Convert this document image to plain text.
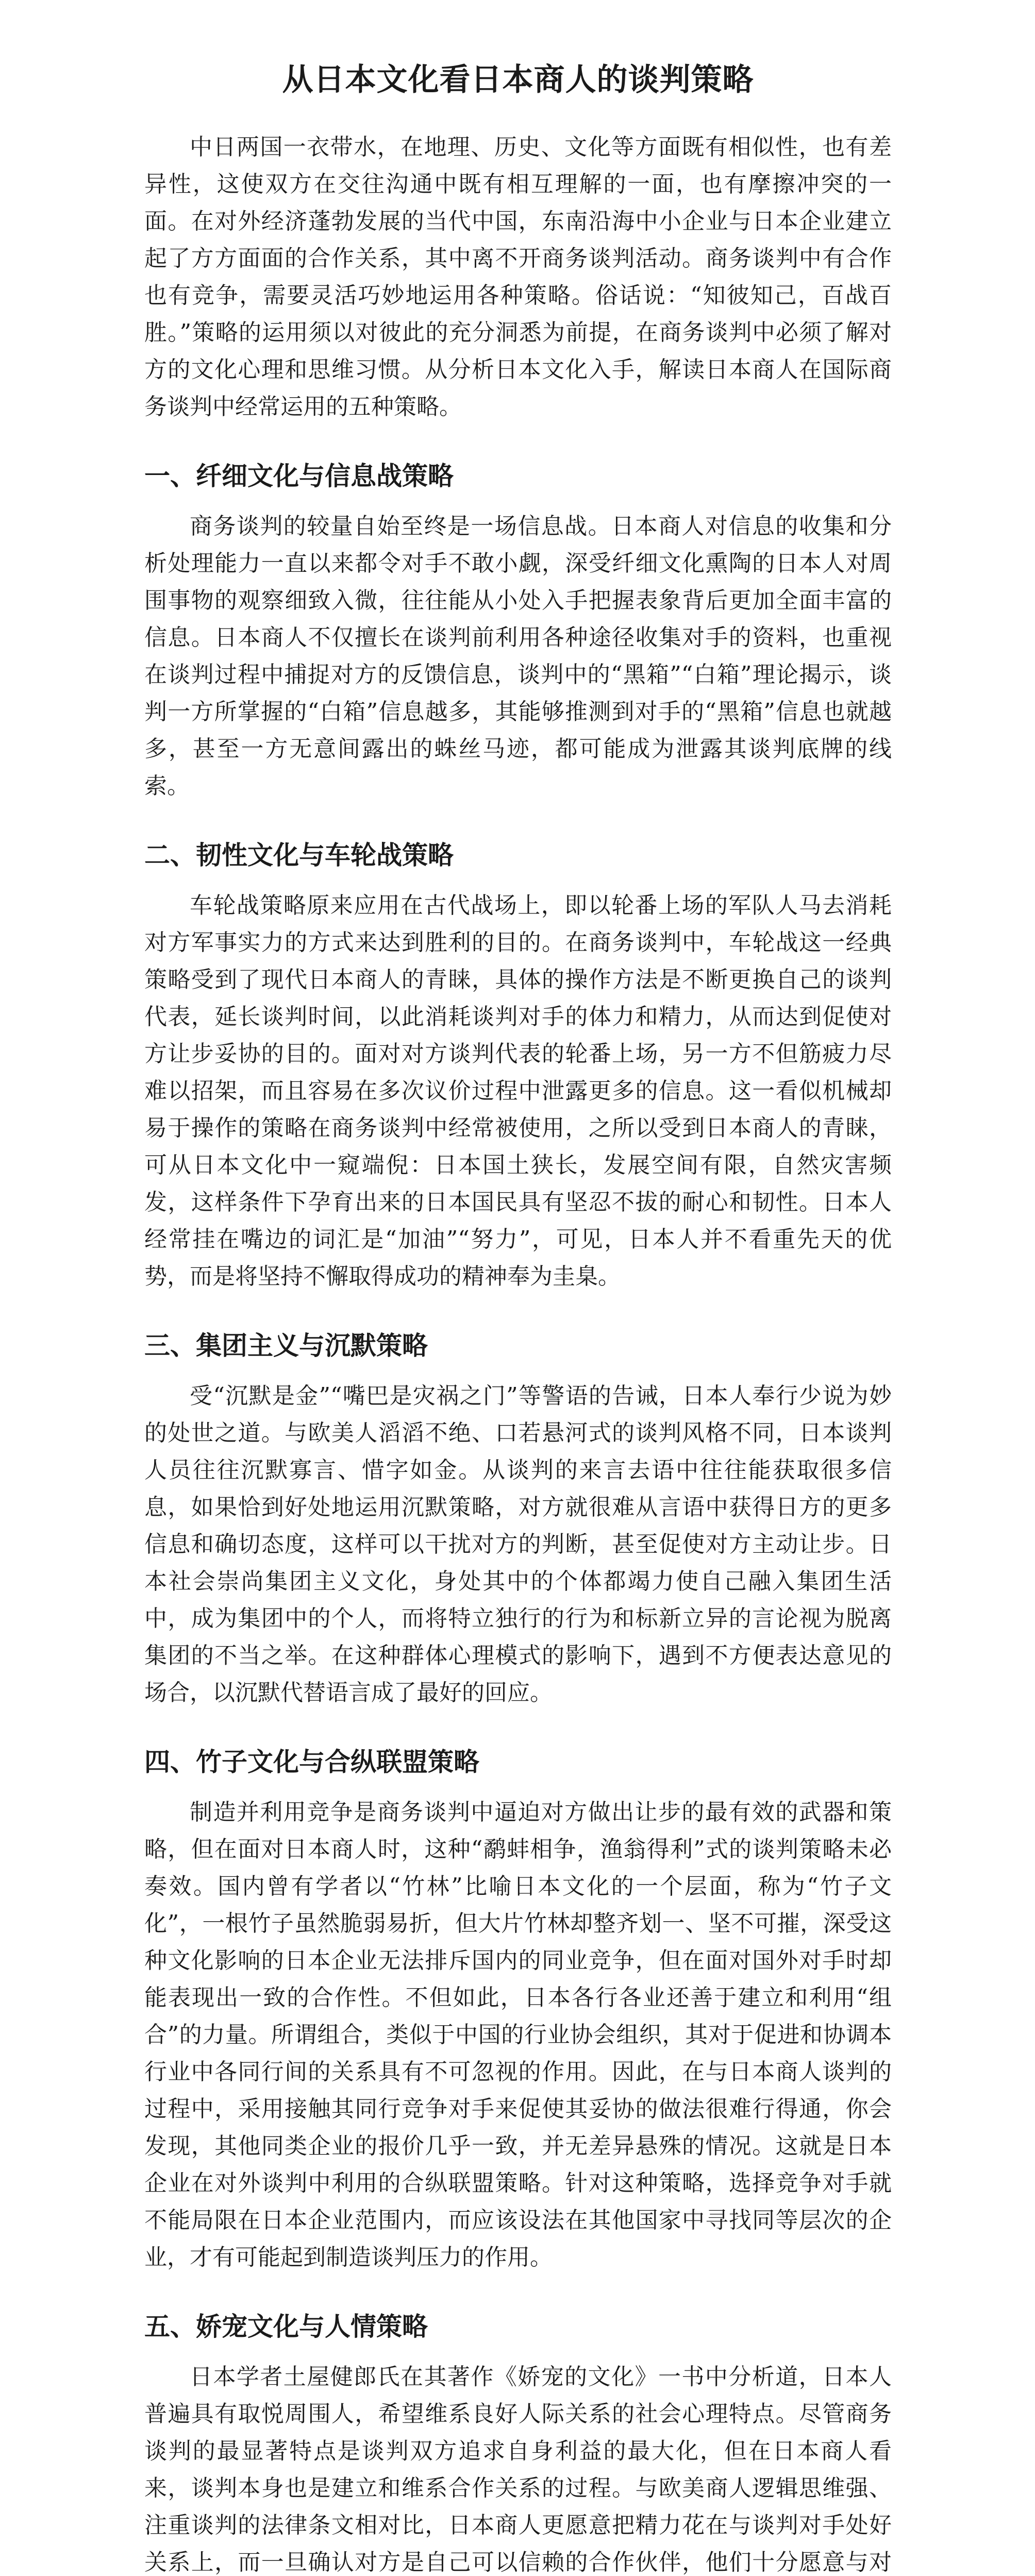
从日本文化看日本商人的谈判策略

中日两国一衣带水，在地理、历史、文化等方面既有相似性，也有差异性，这使双方在交往沟通中既有相互理解的一面，也有摩擦冲突的一面。在对外经济蓬勃发展的当代中国，东南沿海中小企业与日本企业建立起了方方面面的合作关系，其中离不开商务谈判活动。商务谈判中有合作也有竞争，需要灵活巧妙地运用各种策略。俗话说：“知彼知己，百战百胜。”策略的运用须以对彼此的充分洞悉为前提，在商务谈判中必须了解对方的文化心理和思维习惯。从分析日本文化入手，解读日本商人在国际商务谈判中经常运用的五种策略。

一、纤细文化与信息战策略

商务谈判的较量自始至终是一场信息战。日本商人对信息的收集和分析处理能力一直以来都令对手不敢小觑，深受纤细文化熏陶的日本人对周围事物的观察细致入微，往往能从小处入手把握表象背后更加全面丰富的信息。日本商人不仅擅长在谈判前利用各种途径收集对手的资料，也重视在谈判过程中捕捉对方的反馈信息，谈判中的“黑箱”“白箱”理论揭示，谈判一方所掌握的“白箱”信息越多，其能够推测到对手的“黑箱”信息也就越多，甚至一方无意间露出的蛛丝马迹，都可能成为泄露其谈判底牌的线索。

二、韧性文化与车轮战策略

车轮战策略原来应用在古代战场上，即以轮番上场的军队人马去消耗对方军事实力的方式来达到胜利的目的。在商务谈判中，车轮战这一经典策略受到了现代日本商人的青睐，具体的操作方法是不断更换自己的谈判代表，延长谈判时间，以此消耗谈判对手的体力和精力，从而达到促使对方让步妥协的目的。面对对方谈判代表的轮番上场，另一方不但筋疲力尽难以招架，而且容易在多次议价过程中泄露更多的信息。这一看似机械却易于操作的策略在商务谈判中经常被使用，之所以受到日本商人的青睐，可从日本文化中一窥端倪：日本国土狭长，发展空间有限，自然灾害频发，这样条件下孕育出来的日本国民具有坚忍不拔的耐心和韧性。日本人经常挂在嘴边的词汇是“加油”“努力”，可见，日本人并不看重先天的优势，而是将坚持不懈取得成功的精神奉为圭臬。

三、集团主义与沉默策略

受“沉默是金”“嘴巴是灾祸之门”等警语的告诫，日本人奉行少说为妙的处世之道。与欧美人滔滔不绝、口若悬河式的谈判风格不同，日本谈判人员往往沉默寡言、惜字如金。从谈判的来言去语中往往能获取很多信息，如果恰到好处地运用沉默策略，对方就很难从言语中获得日方的更多信息和确切态度，这样可以干扰对方的判断，甚至促使对方主动让步。日本社会崇尚集团主义文化，身处其中的个体都竭力使自己融入集团生活中，成为集团中的个人，而将特立独行的行为和标新立异的言论视为脱离集团的不当之举。在这种群体心理模式的影响下，遇到不方便表达意见的场合，以沉默代替语言成了最好的回应。

四、竹子文化与合纵联盟策略

制造并利用竞争是商务谈判中逼迫对方做出让步的最有效的武器和策略，但在面对日本商人时，这种“鹬蚌相争，渔翁得利”式的谈判策略未必奏效。国内曾有学者以“竹林”比喻日本文化的一个层面，称为“竹子文化”，一根竹子虽然脆弱易折，但大片竹林却整齐划一、坚不可摧，深受这种文化影响的日本企业无法排斥国内的同业竞争，但在面对国外对手时却能表现出一致的合作性。不但如此，日本各行各业还善于建立和利用“组合”的力量。所谓组合，类似于中国的行业协会组织，其对于促进和协调本行业中各同行间的关系具有不可忽视的作用。因此，在与日本商人谈判的过程中，采用接触其同行竞争对手来促使其妥协的做法很难行得通，你会发现，其他同类企业的报价几乎一致，并无差异悬殊的情况。这就是日本企业在对外谈判中利用的合纵联盟策略。针对这种策略，选择竞争对手就不能局限在日本企业范围内，而应该设法在其他国家中寻找同等层次的企业，才有可能起到制造谈判压力的作用。

五、娇宠文化与人情策略

日本学者土屋健郎氏在其著作《娇宠的文化》一书中分析道，日本人普遍具有取悦周围人，希望维系良好人际关系的社会心理特点。尽管商务谈判的最显著特点是谈判双方追求自身利益的最大化，但在日本商人看来，谈判本身也是建立和维系合作关系的过程。与欧美商人逻辑思维强、注重谈判的法律条文相对比，日本商人更愿意把精力花在与谈判对手处好关系上，而一旦确认对方是自己可以信赖的合作伙伴，他们十分愿意与对
